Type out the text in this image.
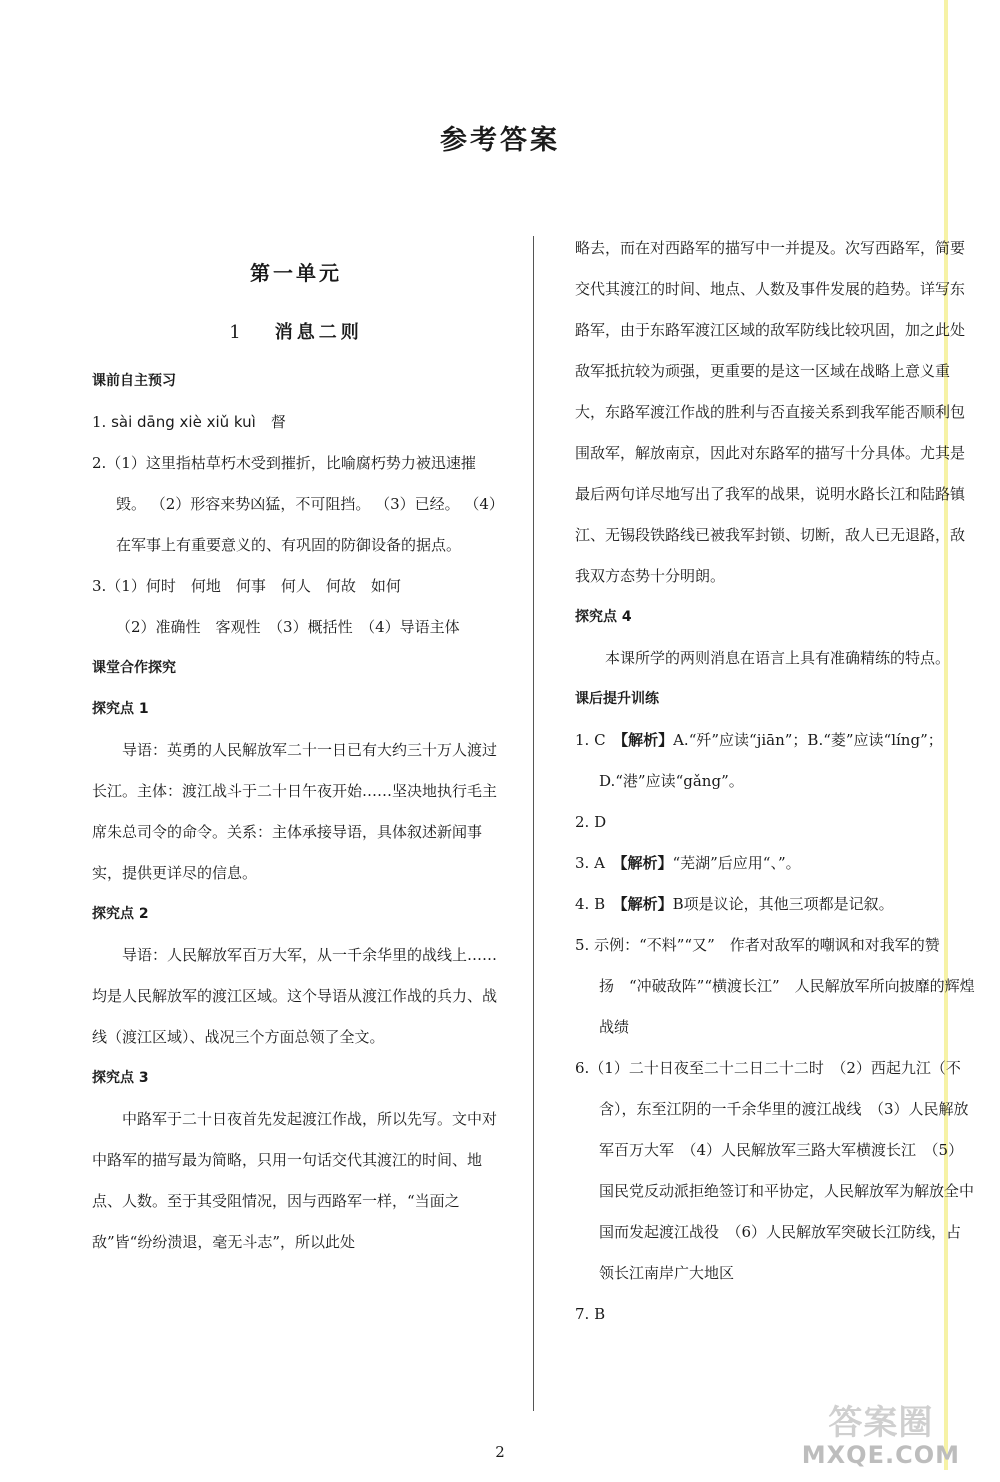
参考答案
第一单元
1 消息二则

课前自主预习

1. sài dāng xiè xiǔ kuì　 督

2.（1）这里指枯草朽木受到摧折，比喻腐朽势力被迅速摧毁。 （2）形容来势凶猛，不可阻挡。 （3）已经。 （4）在军事上有重要意义的、有巩固的防御设备的据点。

3.（1）何时　何地　何事　何人　何故　如何

（2）准确性　客观性　（3）概括性　（4）导语主体

课堂合作探究

探究点 1

导语：英勇的人民解放军二十一日已有大约三十万人渡过长江。主体：渡江战斗于二十日午夜开始……坚决地执行毛主席朱总司令的命令。关系：主体承接导语，具体叙述新闻事实，提供更详尽的信息。

探究点 2

导语：人民解放军百万大军，从一千余华里的战线上……均是人民解放军的渡江区域。这个导语从渡江作战的兵力、战线（渡江区域）、战况三个方面总领了全文。

探究点 3

中路军于二十日夜首先发起渡江作战，所以先写。文中对中路军的描写最为简略，只用一句话交代其渡江的时间、地点、人数。至于其受阻情况，因与西路军一样，“当面之敌”皆“纷纷溃退，毫无斗志”，所以此处

略去，而在对西路军的描写中一并提及。次写西路军，简要交代其渡江的时间、地点、人数及事件发展的趋势。详写东路军，由于东路军渡江区域的敌军防线比较巩固，加之此处敌军抵抗较为顽强，更重要的是这一区域在战略上意义重大，东路军渡江作战的胜利与否直接关系到我军能否顺利包围敌军，解放南京，因此对东路军的描写十分具体。尤其是最后两句详尽地写出了我军的战果，说明水路长江和陆路镇江、无锡段铁路线已被我军封锁、切断，敌人已无退路，敌我双方态势十分明朗。

探究点 4

本课所学的两则消息在语言上具有准确精练的特点。

课后提升训练

1. C　 【解析】A.“歼”应读“jiān”；B.“菱”应读“líng”；D.“港”应读“gǎng”。

2. D

3. A　 【解析】“芜湖”后应用“、”。

4. B　 【解析】B项是议论，其他三项都是记叙。

5. 示例：“不料”“又”　作者对敌军的嘲讽和对我军的赞扬　“冲破敌阵”“横渡长江”　人民解放军所向披靡的辉煌战绩

6.（1）二十日夜至二十二日二十二时　（2）西起九江（不含），东至江阴的一千余华里的渡江战线　（3）人民解放军百万大军　（4）人民解放军三路大军横渡长江　（5）国民党反动派拒绝签订和平协定，人民解放军为解放全中国而发起渡江战役　（6）人民解放军突破长江防线，占领长江南岸广大地区

7. B

2
答案圈
MXQE.COM
